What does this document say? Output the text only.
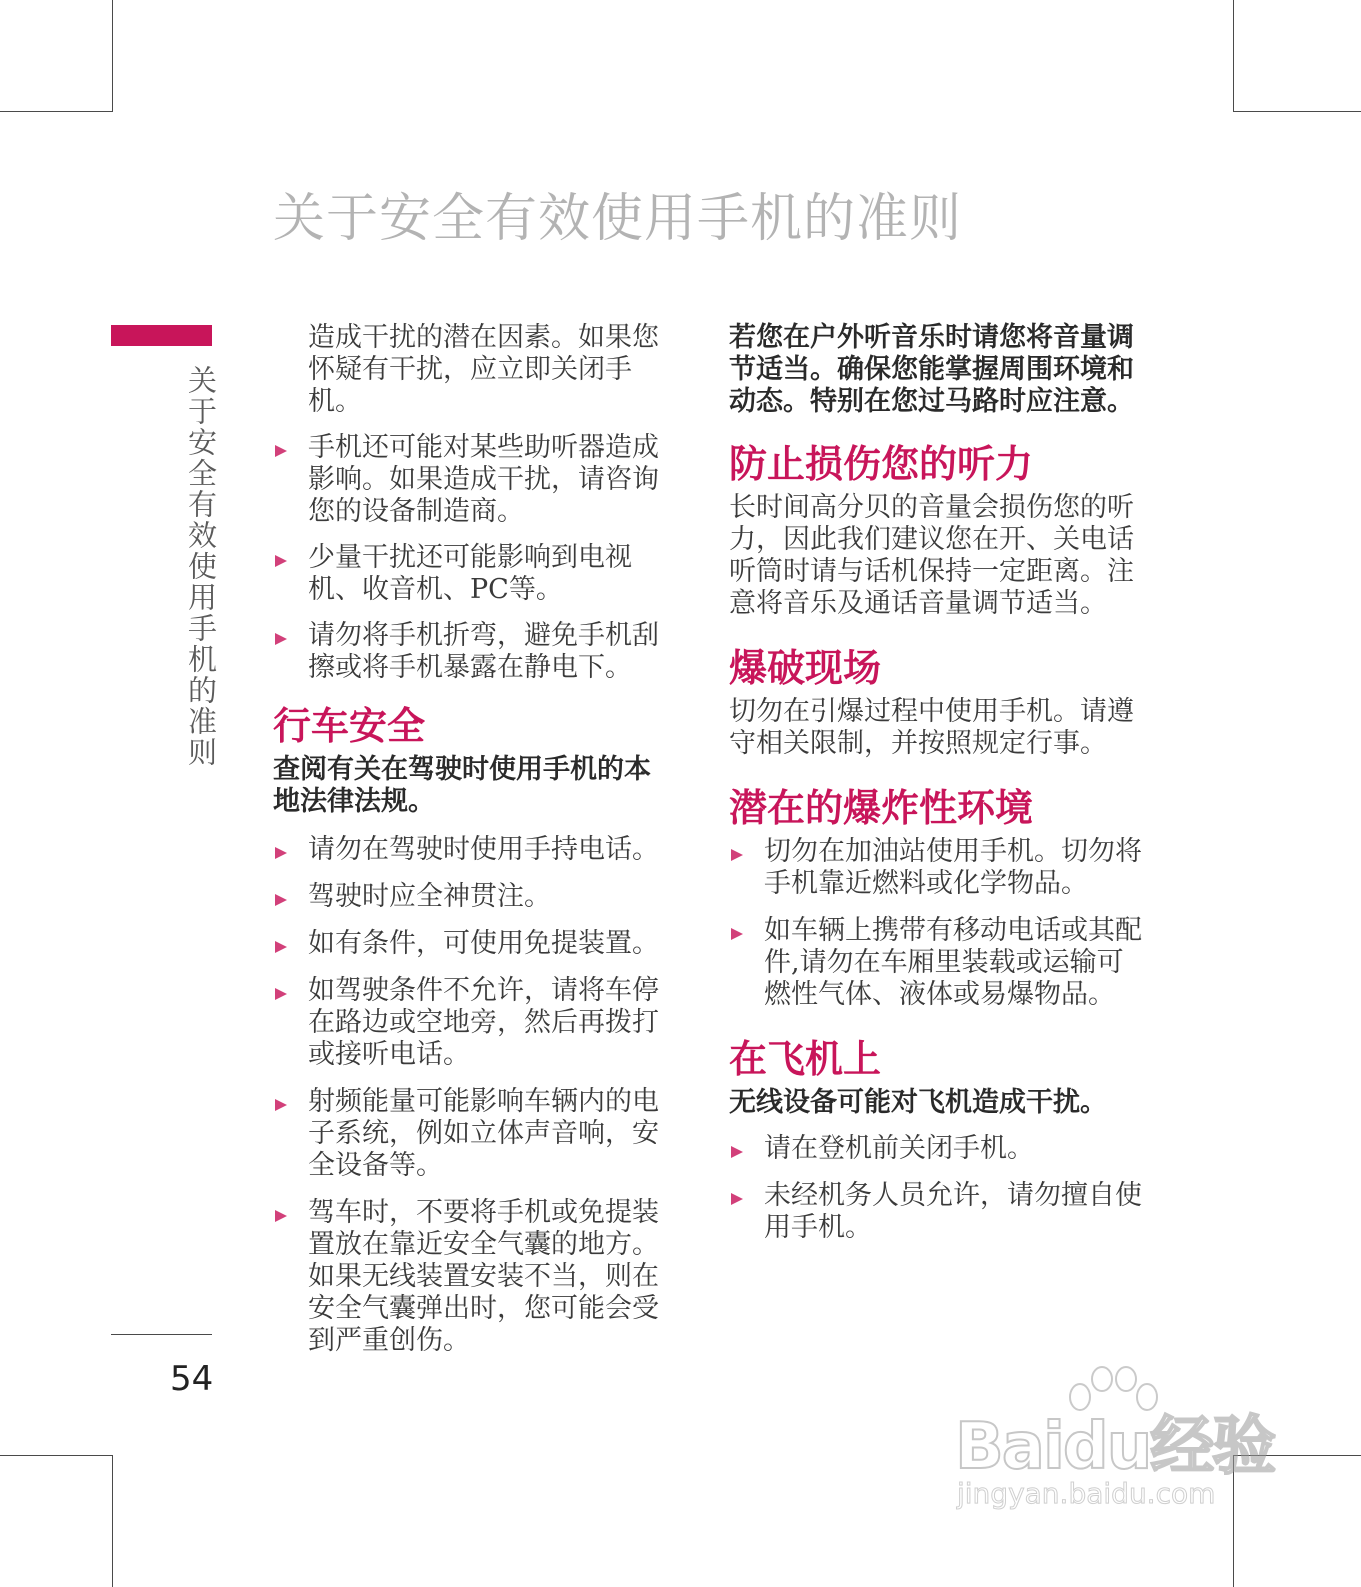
关于安全有效使用手机的准则
关于安全有效使用手机的准则
54

造成干扰的潜在因素。如果您怀疑有干扰，应立即关闭手机。

手机还可能对某些助听器造成影响。如果造成干扰，请咨询您的设备制造商。
少量干扰还可能影响到电视机、收音机、PC等。
请勿将手机折弯，避免手机刮擦或将手机暴露在静电下。
行车安全

查阅有关在驾驶时使用手机的本地法律法规。

请勿在驾驶时使用手持电话。
驾驶时应全神贯注。
如有条件，可使用免提装置。
如驾驶条件不允许，请将车停在路边或空地旁，然后再拨打或接听电话。
射频能量可能影响车辆内的电子系统，例如立体声音响，安全设备等。
驾车时，不要将手机或免提装置放在靠近安全气囊的地方。如果无线装置安装不当，则在安全气囊弹出时，您可能会受到严重创伤。

若您在户外听音乐时请您将音量调节适当。确保您能掌握周围环境和动态。特别在您过马路时应注意。

防止损伤您的听力

长时间高分贝的音量会损伤您的听力，因此我们建议您在开、关电话听筒时请与话机保持一定距离。注意将音乐及通话音量调节适当。

爆破现场

切勿在引爆过程中使用手机。请遵守相关限制，并按照规定行事。

潜在的爆炸性环境
切勿在加油站使用手机。切勿将手机靠近燃料或化学物品。
如车辆上携带有移动电话或其配件,请勿在车厢里装载或运输可燃性气体、液体或易爆物品。
在飞机上

无线设备可能对飞机造成干扰。

请在登机前关闭手机。
未经机务人员允许，请勿擅自使用手机。
Baidu经验
jingyan.baidu.com
